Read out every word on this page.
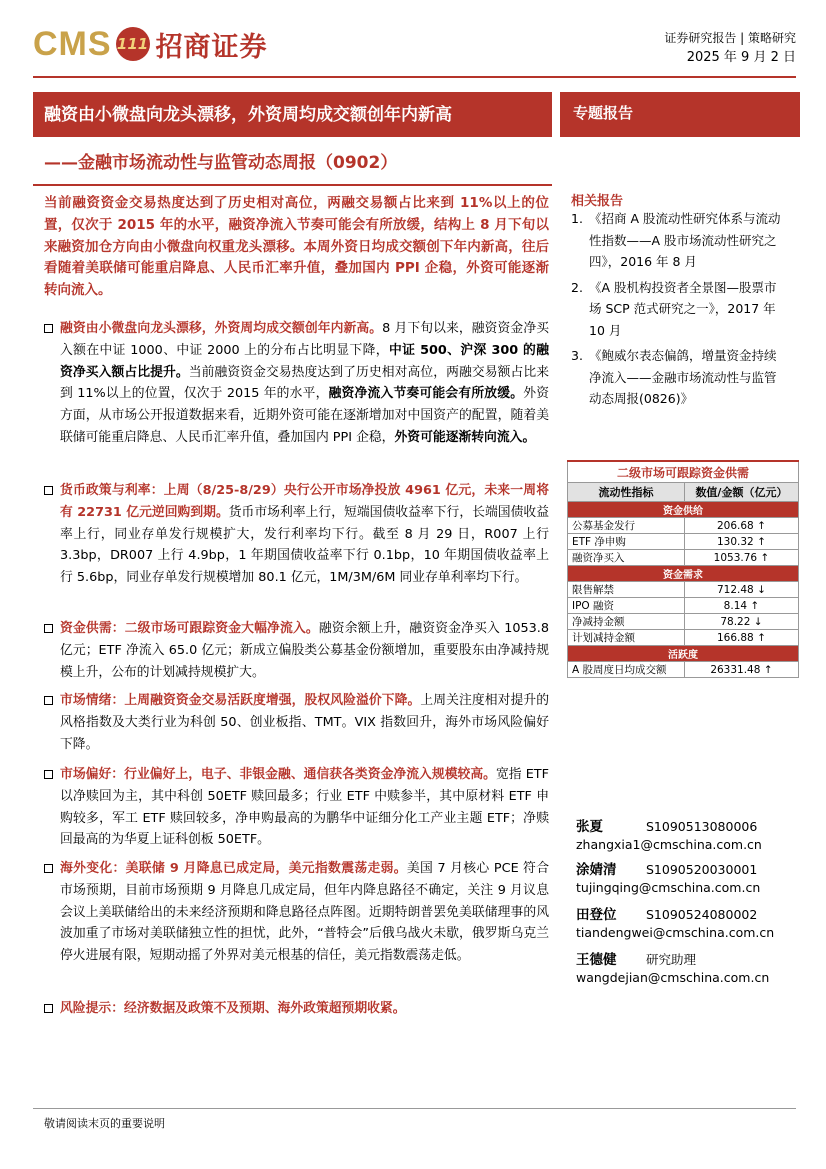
CMS 111 招商证券	证券研究报告 | 策略研究
2025 年 9 月 2 日
融资由小微盘向龙头漂移，外资周均成交额创年内新高	专题报告
——金融市场流动性与监管动态周报（0902）
当前融资资金交易热度达到了历史相对高位，两融交易额占比来到 11%以上的位置，仅次于 2015 年的水平，融资净流入节奏可能会有所放缓，结构上 8 月下旬以来融资加仓方向由小微盘向权重龙头漂移。本周外资日均成交额创下年内新高，往后看随着美联储可能重启降息、人民币汇率升值，叠加国内 PPI 企稳，外资可能逐渐转向流入。
融资由小微盘向龙头漂移，外资周均成交额创年内新高。8 月下旬以来，融资资金净买入额在中证 1000、中证 2000 上的分布占比明显下降，中证 500、沪深 300 的融资净买入额占比提升。当前融资资金交易热度达到了历史相对高位，两融交易额占比来到 11%以上的位置，仅次于 2015 年的水平，融资净流入节奏可能会有所放缓。外资方面，从市场公开报道数据来看，近期外资可能在逐渐增加对中国资产的配置，随着美联储可能重启降息、人民币汇率升值，叠加国内 PPI 企稳，外资可能逐渐转向流入。
货币政策与利率：上周（8/25-8/29）央行公开市场净投放 4961 亿元，未来一周将有 22731 亿元逆回购到期。货币市场利率上行，短端国债收益率下行，长端国债收益率上行，同业存单发行规模扩大，发行利率均下行。截至 8 月 29 日，R007 上行 3.3bp，DR007 上行 4.9bp，1 年期国债收益率下行 0.1bp，10 年期国债收益率上行 5.6bp，同业存单发行规模增加 80.1 亿元，1M/3M/6M 同业存单利率均下行。
资金供需：二级市场可跟踪资金大幅净流入。融资余额上升，融资资金净买入 1053.8 亿元；ETF 净流入 65.0 亿元；新成立偏股类公募基金份额增加，重要股东由净减持规模上升，公布的计划减持规模扩大。
市场情绪：上周融资资金交易活跃度增强，股权风险溢价下降。上周关注度相对提升的风格指数及大类行业为科创 50、创业板指、TMT。VIX 指数回升，海外市场风险偏好下降。
市场偏好：行业偏好上，电子、非银金融、通信获各类资金净流入规模较高。宽指 ETF 以净赎回为主，其中科创 50ETF 赎回最多；行业 ETF 中赎参半，其中原材料 ETF 申购较多，军工 ETF 赎回较多，净申购最高的为鹏华中证细分化工产业主题 ETF；净赎回最高的为华夏上证科创板 50ETF。
海外变化：美联储 9 月降息已成定局，美元指数震荡走弱。美国 7 月核心 PCE 符合市场预期，目前市场预期 9 月降息几成定局，但年内降息路径不确定，关注 9 月议息会议上美联储给出的未来经济预期和降息路径点阵图。近期特朗普罢免美联储理事的风波加重了市场对美联储独立性的担忧，此外，“普特会”后俄乌战火未歇，俄罗斯乌克兰停火进展有限，短期动摇了外界对美元根基的信任，美元指数震荡走低。
风险提示：经济数据及政策不及预期、海外政策超预期收紧。
相关报告
1. 《招商 A 股流动性研究体系与流动性指数——A 股市场流动性研究之四》，2016 年 8 月
2. 《A 股机构投资者全景图—股票市场 SCP 范式研究之一》，2017 年 10 月
3. 《鲍威尔表态偏鸽，增量资金持续净流入——金融市场流动性与监管动态周报(0826)》
二级市场可跟踪资金供需	
流动性指标	数值/金额（亿元）
资金供给	
公募基金发行	206.68 ↑
ETF 净申购	130.32 ↑
融资净买入	1053.76 ↑
资金需求	
限售解禁	712.48 ↓
IPO 融资	8.14 ↑
净减持金额	78.22 ↓
计划减持金额	166.88 ↑
活跃度	
A 股周度日均成交额	26331.48 ↑
张夏	S1090513080006
zhangxia1@cmschina.com.cn
涂婧清 S1090520030001
tujingqing@cmschina.com.cn
田登位 S1090524080002
tiandengwei@cmschina.com.cn
王德健 研究助理
wangdejian@cmschina.com.cn
敬请阅读末页的重要说明
